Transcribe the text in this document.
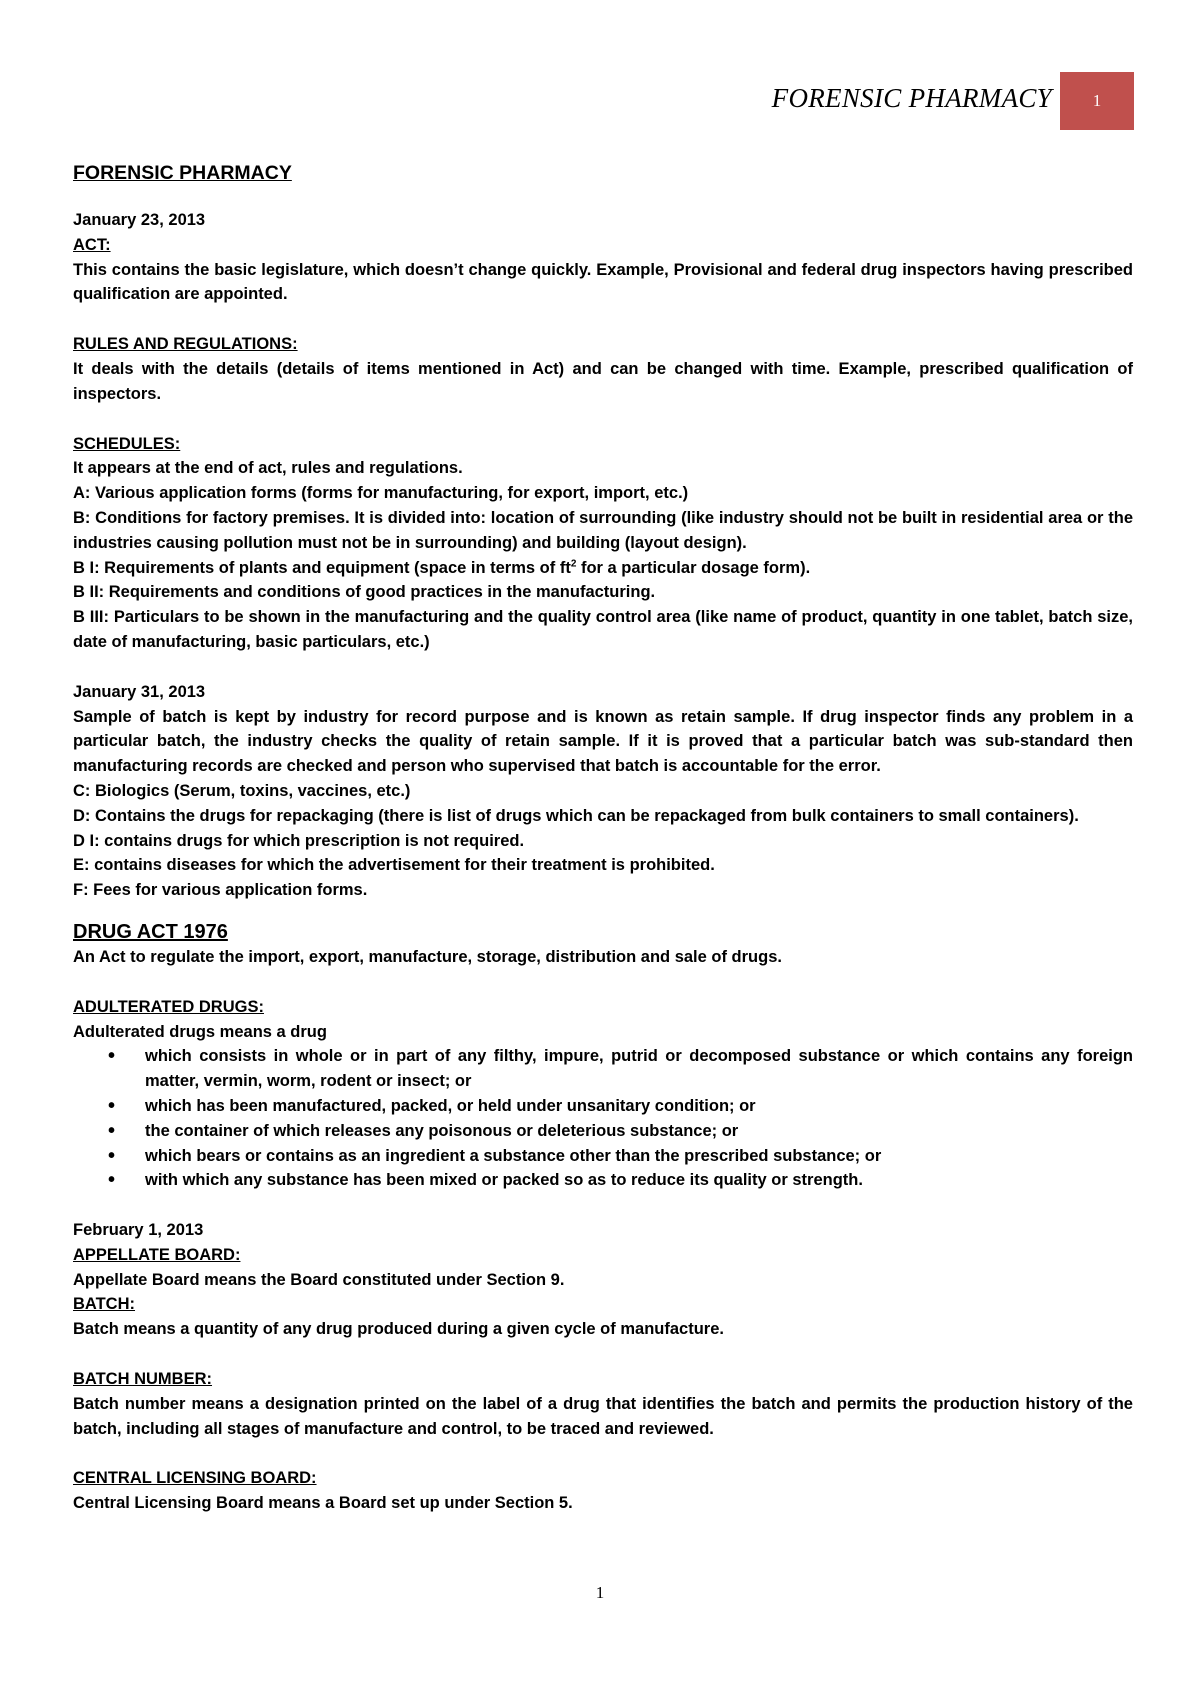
FORENSIC PHARMACY	1
FORENSIC PHARMACY
January 23, 2013
ACT:
This contains the basic legislature, which doesn’t change quickly. Example, Provisional and federal drug inspectors having prescribed qualification are appointed.
RULES AND REGULATIONS:
It deals with the details (details of items mentioned in Act) and can be changed with time. Example, prescribed qualification of inspectors.
SCHEDULES:
It appears at the end of act, rules and regulations.
A: Various application forms (forms for manufacturing, for export, import, etc.)
B: Conditions for factory premises. It is divided into: location of surrounding (like industry should not be built in residential area or the industries causing pollution must not be in surrounding) and building (layout design).
B I: Requirements of plants and equipment (space in terms of $ft^2$ for a particular dosage form).
B II: Requirements and conditions of good practices in the manufacturing.
B III: Particulars to be shown in the manufacturing and the quality control area (like name of product, quantity in one tablet, batch size, date of manufacturing, basic particulars, etc.)
January 31, 2013
Sample of batch is kept by industry for record purpose and is known as retain sample. If drug inspector finds any problem in a particular batch, the industry checks the quality of retain sample. If it is proved that a particular batch was sub-standard then manufacturing records are checked and person who supervised that batch is accountable for the error.
C: Biologics (Serum, toxins, vaccines, etc.)
D: Contains the drugs for repackaging (there is list of drugs which can be repackaged from bulk containers to small containers).
D I: contains drugs for which prescription is not required.
E: contains diseases for which the advertisement for their treatment is prohibited.
F: Fees for various application forms.
DRUG ACT 1976
An Act to regulate the import, export, manufacture, storage, distribution and sale of drugs.
ADULTERATED DRUGS:
Adulterated drugs means a drug
• which consists in whole or in part of any filthy, impure, putrid or decomposed substance or which contains any foreign matter, vermin, worm, rodent or insect; or
• which has been manufactured, packed, or held under unsanitary condition; or
• the container of which releases any poisonous or deleterious substance; or
• which bears or contains as an ingredient a substance other than the prescribed substance; or
• with which any substance has been mixed or packed so as to reduce its quality or strength.
February 1, 2013
APPELLATE BOARD:
Appellate Board means the Board constituted under Section 9.
BATCH:
Batch means a quantity of any drug produced during a given cycle of manufacture.
BATCH NUMBER:
Batch number means a designation printed on the label of a drug that identifies the batch and permits the production history of the batch, including all stages of manufacture and control, to be traced and reviewed.
CENTRAL LICENSING BOARD:
Central Licensing Board means a Board set up under Section 5.
1
